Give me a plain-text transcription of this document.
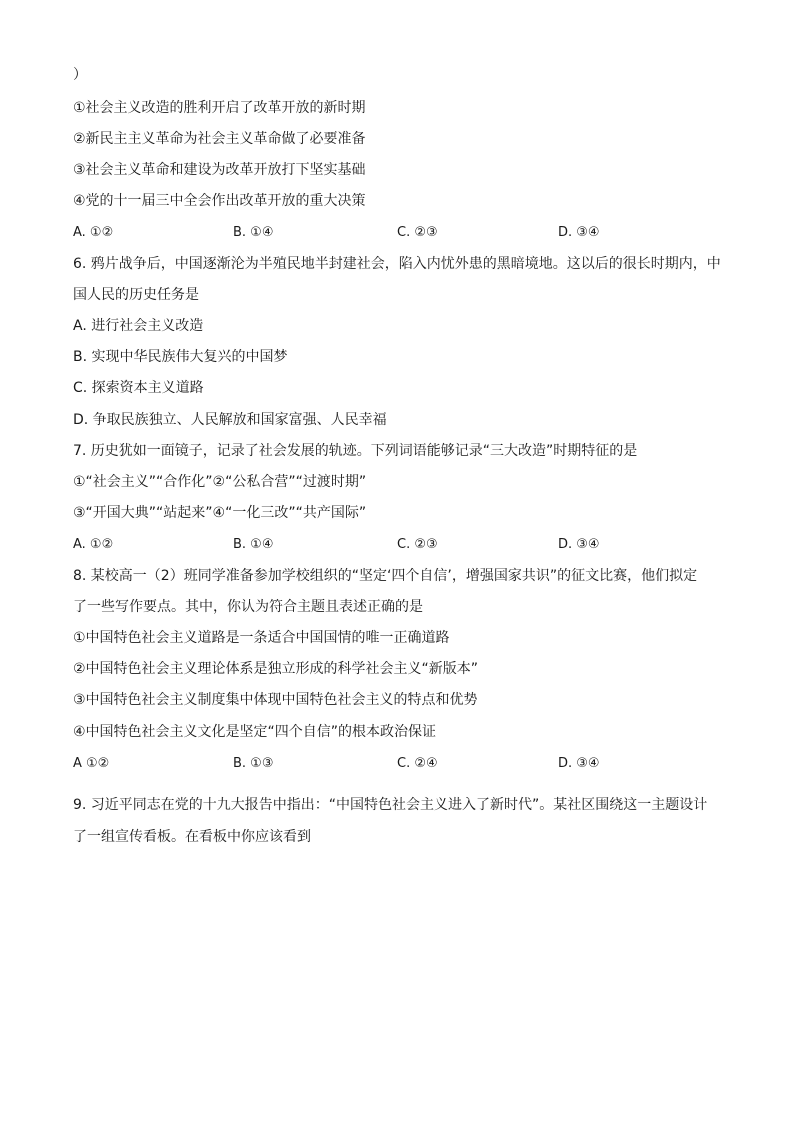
）
①社会主义改造的胜利开启了改革开放的新时期
②新民主主义革命为社会主义革命做了必要准备
③社会主义革命和建设为改革开放打下坚实基础
④党的十一届三中全会作出改革开放的重大决策
A. ①②	B. ①④	C. ②③	D. ③④
6. 鸦片战争后，中国逐渐沦为半殖民地半封建社会，陷入内忧外患的黑暗境地。这以后的很长时期内，中
国人民的历史任务是
A. 进行社会主义改造
B. 实现中华民族伟大复兴的中国梦
C. 探索资本主义道路
D. 争取民族独立、人民解放和国家富强、人民幸福
7. 历史犹如一面镜子，记录了社会发展的轨迹。下列词语能够记录“三大改造”时期特征的是
①“社会主义”“合作化”②“公私合营”“过渡时期”
③“开国大典”“站起来”④“一化三改”“共产国际”
A. ①②	B. ①④	C. ②③	D. ③④
8. 某校高一（2）班同学准备参加学校组织的“坚定‘四个自信’，增强国家共识”的征文比赛，他们拟定
了一些写作要点。其中，你认为符合主题且表述正确的是
①中国特色社会主义道路是一条适合中国国情的唯一正确道路
②中国特色社会主义理论体系是独立形成的科学社会主义“新版本”
③中国特色社会主义制度集中体现中国特色社会主义的特点和优势
④中国特色社会主义文化是坚定“四个自信”的根本政治保证
A ①②	B. ①③	C. ②④	D. ③④
9. 习近平同志在党的十九大报告中指出：“中国特色社会主义进入了新时代”。某社区围绕这一主题设计
了一组宣传看板。在看板中你应该看到
